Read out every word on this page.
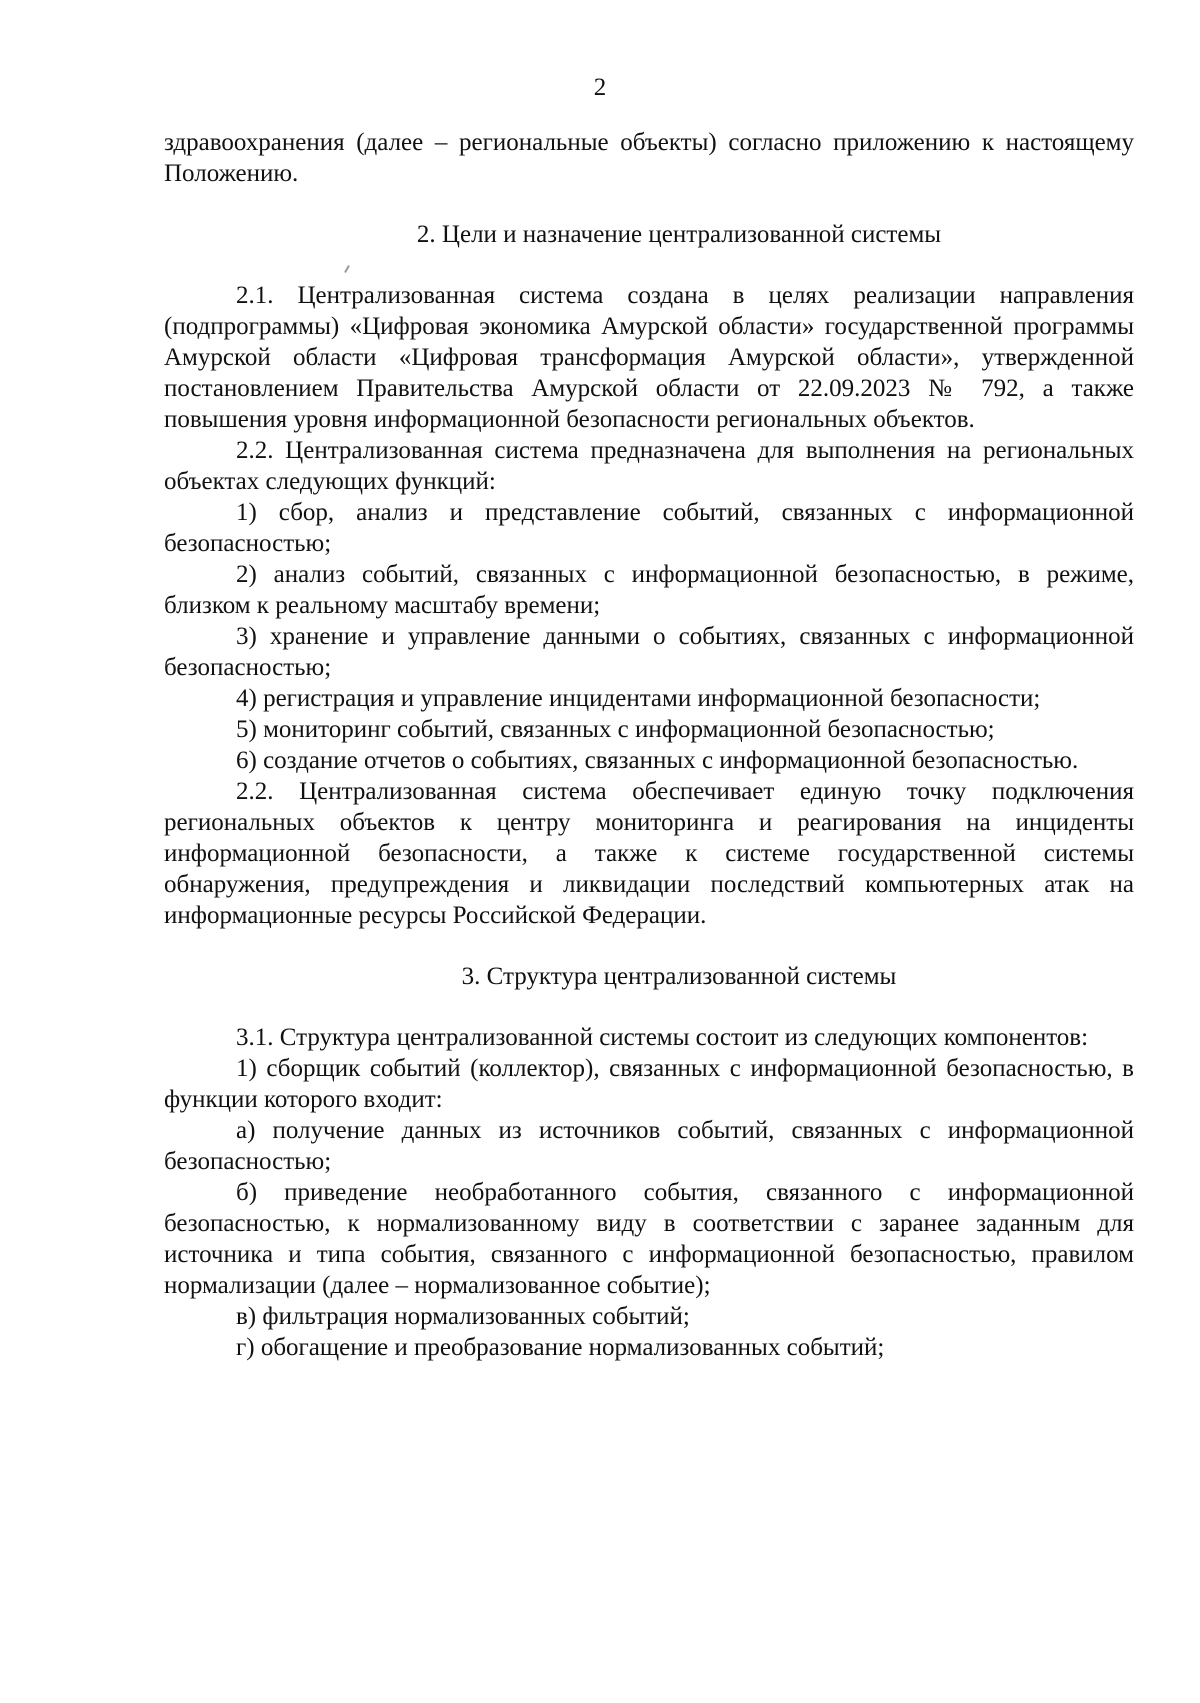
2

здравоохранения (далее – региональные объекты) согласно приложению к настоящему Положению.

2. Цели и назначение централизованной системы

2.1. Централизованная система создана в целях реализации направления (подпрограммы) «Цифровая экономика Амурской области» государственной программы Амурской области «Цифровая трансформация Амурской области», утвержденной постановлением Правительства Амурской области от 22.09.2023 № 792, а также повышения уровня информационной безопасности региональных объектов.

2.2. Централизованная система предназначена для выполнения на региональных объектах следующих функций:

1) сбор, анализ и представление событий, связанных с информационной безопасностью;

2) анализ событий, связанных с информационной безопасностью, в режиме, близком к реальному масштабу времени;

3) хранение и управление данными о событиях, связанных с информационной безопасностью;

4) регистрация и управление инцидентами информационной безопасности;

5) мониторинг событий, связанных с информационной безопасностью;

6) создание отчетов о событиях, связанных с информационной безопасностью.

2.2. Централизованная система обеспечивает единую точку подключения региональных объектов к центру мониторинга и реагирования на инциденты информационной безопасности, а также к системе государственной системы обнаружения, предупреждения и ликвидации последствий компьютерных атак на информационные ресурсы Российской Федерации.

3. Структура централизованной системы

3.1. Структура централизованной системы состоит из следующих компонентов:

1) сборщик событий (коллектор), связанных с информационной безопасностью, в функции которого входит:

а) получение данных из источников событий, связанных с информационной безопасностью;

б) приведение необработанного события, связанного с информационной безопасностью, к нормализованному виду в соответствии с заранее заданным для источника и типа события, связанного с информационной безопасностью, правилом нормализации (далее – нормализованное событие);

в) фильтрация нормализованных событий;

г) обогащение и преобразование нормализованных событий;
